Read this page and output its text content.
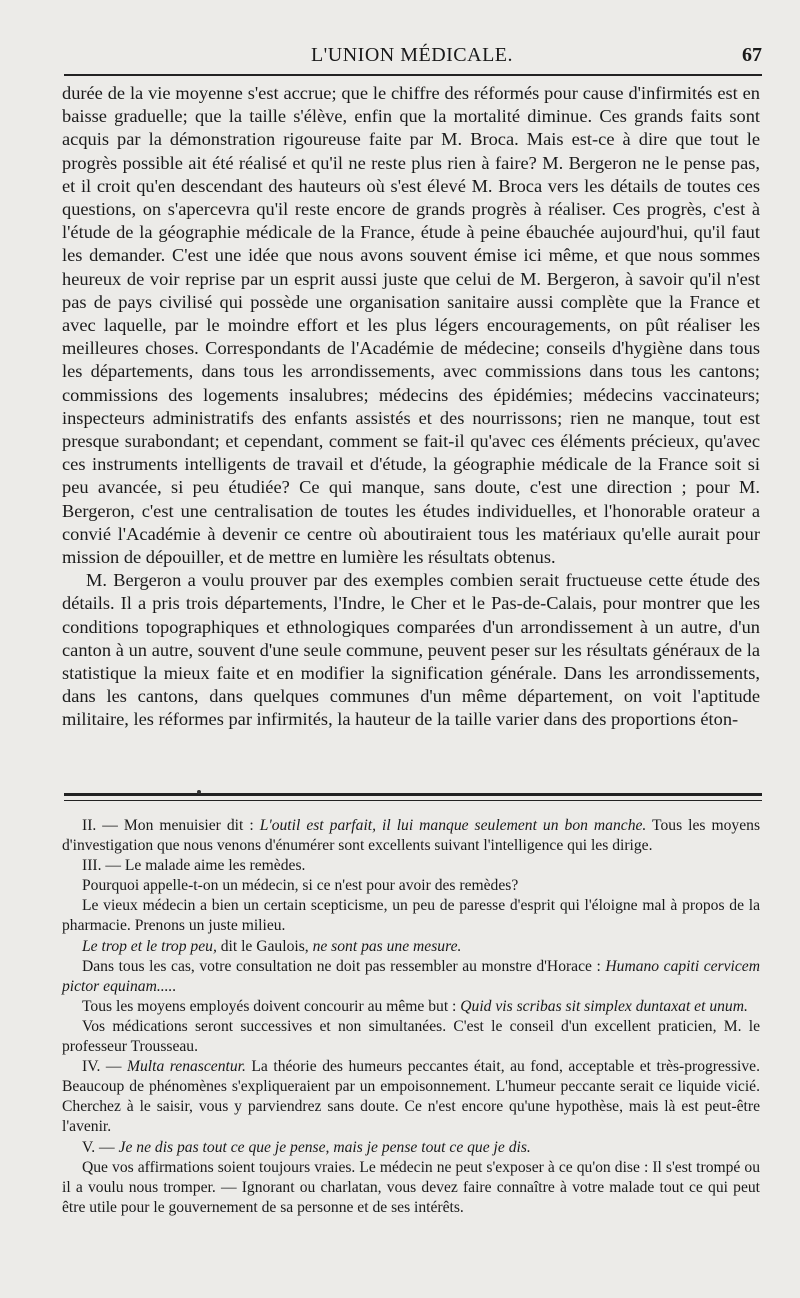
L'UNION MÉDICALE.	67

durée de la vie moyenne s'est accrue; que le chiffre des réformés pour cause d'infirmités est en baisse graduelle; que la taille s'élève, enfin que la mortalité diminue. Ces grands faits sont acquis par la démonstration rigoureuse faite par M. Broca. Mais est-ce à dire que tout le progrès possible ait été réalisé et qu'il ne reste plus rien à faire? M. Bergeron ne le pense pas, et il croit qu'en descendant des hauteurs où s'est élevé M. Broca vers les détails de toutes ces questions, on s'apercevra qu'il reste encore de grands progrès à réaliser. Ces progrès, c'est à l'étude de la géographie médicale de la France, étude à peine ébauchée aujourd'hui, qu'il faut les demander. C'est une idée que nous avons souvent émise ici même, et que nous sommes heureux de voir reprise par un esprit aussi juste que celui de M. Bergeron, à savoir qu'il n'est pas de pays civilisé qui possède une organisation sanitaire aussi complète que la France et avec laquelle, par le moindre effort et les plus légers encouragements, on pût réaliser les meilleures choses. Correspondants de l'Académie de médecine; conseils d'hygiène dans tous les départements, dans tous les arrondissements, avec commissions dans tous les cantons; commissions des logements insalubres; médecins des épidémies; médecins vaccinateurs; inspecteurs administratifs des enfants assistés et des nourrissons; rien ne manque, tout est presque surabondant; et cependant, comment se fait-il qu'avec ces éléments précieux, qu'avec ces instruments intelligents de travail et d'étude, la géographie médicale de la France soit si peu avancée, si peu étudiée? Ce qui manque, sans doute, c'est une direction ; pour M. Bergeron, c'est une centralisation de toutes les études individuelles, et l'honorable orateur a convié l'Académie à devenir ce centre où aboutiraient tous les matériaux qu'elle aurait pour mission de dépouiller, et de mettre en lumière les résultats obtenus.

M. Bergeron a voulu prouver par des exemples combien serait fructueuse cette étude des détails. Il a pris trois départements, l'Indre, le Cher et le Pas-de-Calais, pour montrer que les conditions topographiques et ethnologiques comparées d'un arrondissement à un autre, d'un canton à un autre, souvent d'une seule commune, peuvent peser sur les résultats généraux de la statistique la mieux faite et en modifier la signification générale. Dans les arrondissements, dans les cantons, dans quelques communes d'un même département, on voit l'aptitude militaire, les réformes par infirmités, la hauteur de la taille varier dans des proportions éton-

II. — Mon menuisier dit : L'outil est parfait, il lui manque seulement un bon manche. Tous les moyens d'investigation que nous venons d'énumérer sont excellents suivant l'intelligence qui les dirige.

III. — Le malade aime les remèdes.

Pourquoi appelle-t-on un médecin, si ce n'est pour avoir des remèdes?

Le vieux médecin a bien un certain scepticisme, un peu de paresse d'esprit qui l'éloigne mal à propos de la pharmacie. Prenons un juste milieu.

Le trop et le trop peu, dit le Gaulois, ne sont pas une mesure.

Dans tous les cas, votre consultation ne doit pas ressembler au monstre d'Horace : Humano capiti cervicem pictor equinam.....

Tous les moyens employés doivent concourir au même but : Quid vis scribas sit simplex duntaxat et unum.

Vos médications seront successives et non simultanées. C'est le conseil d'un excellent praticien, M. le professeur Trousseau.

IV. — Multa renascentur. La théorie des humeurs peccantes était, au fond, acceptable et très-progressive. Beaucoup de phénomènes s'expliqueraient par un empoisonnement. L'humeur peccante serait ce liquide vicié. Cherchez à le saisir, vous y parviendrez sans doute. Ce n'est encore qu'une hypothèse, mais là est peut-être l'avenir.

V. — Je ne dis pas tout ce que je pense, mais je pense tout ce que je dis.

Que vos affirmations soient toujours vraies. Le médecin ne peut s'exposer à ce qu'on dise : Il s'est trompé ou il a voulu nous tromper. — Ignorant ou charlatan, vous devez faire connaître à votre malade tout ce qui peut être utile pour le gouvernement de sa personne et de ses intérêts.
